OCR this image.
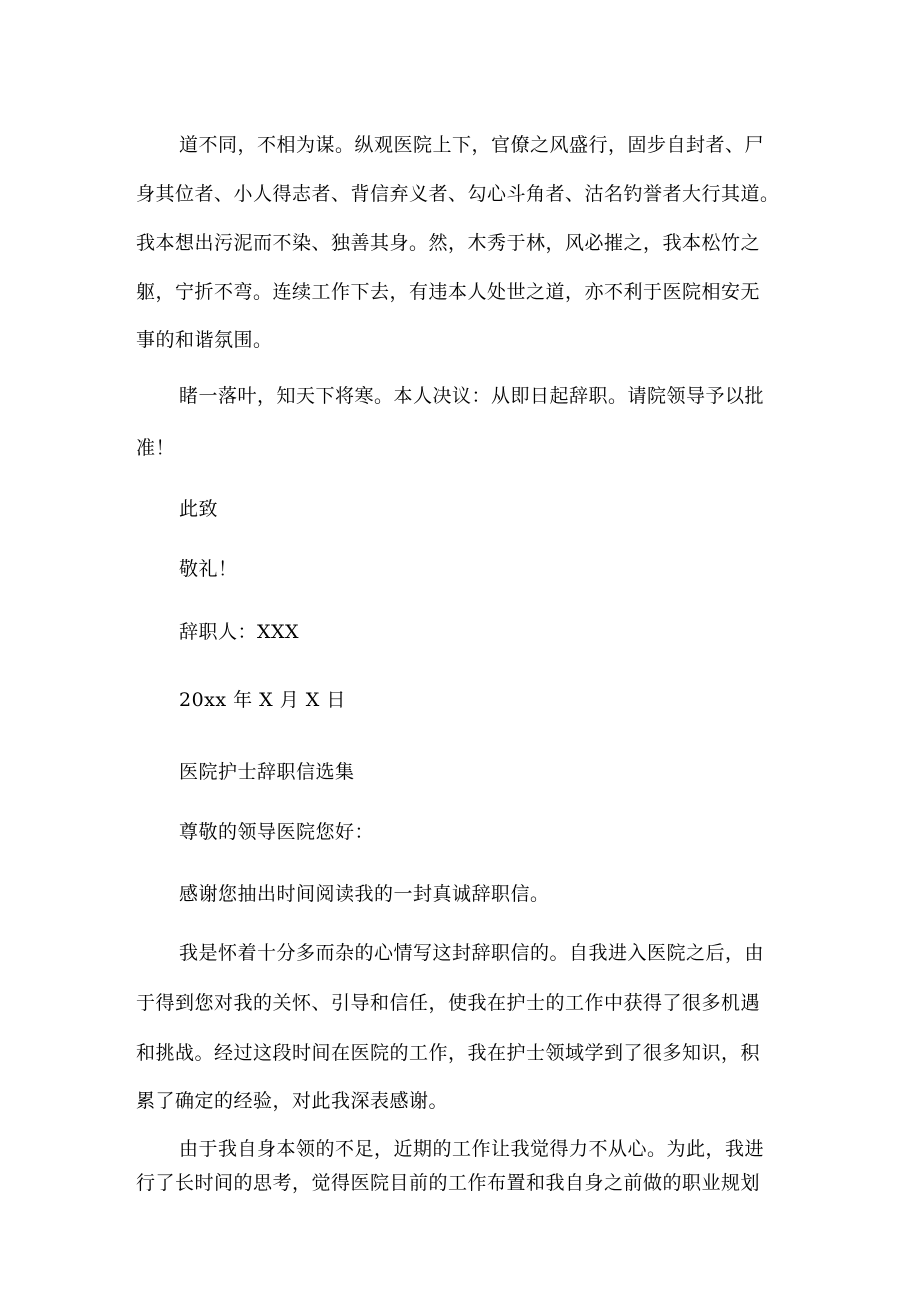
道不同，不相为谋。纵观医院上下，官僚之风盛行，固步自封者、尸
身其位者、小人得志者、背信弃义者、勾心斗角者、沽名钓誉者大行其道。
我本想出污泥而不染、独善其身。然，木秀于林，风必摧之，我本松竹之
躯，宁折不弯。连续工作下去，有违本人处世之道，亦不利于医院相安无
事的和谐氛围。
睹一落叶，知天下将寒。本人决议：从即日起辞职。请院领导予以批
准！
此致
敬礼！
辞职人：XXX
20xx 年 X 月 X 日
医院护士辞职信选集
尊敬的领导医院您好：
感谢您抽出时间阅读我的一封真诚辞职信。
我是怀着十分多而杂的心情写这封辞职信的。自我进入医院之后，由
于得到您对我的关怀、引导和信任，使我在护士的工作中获得了很多机遇
和挑战。经过这段时间在医院的工作，我在护士领域学到了很多知识，积
累了确定的经验，对此我深表感谢。
由于我自身本领的不足，近期的工作让我觉得力不从心。为此，我进
行了长时间的思考，觉得医院目前的工作布置和我自身之前做的职业规划
